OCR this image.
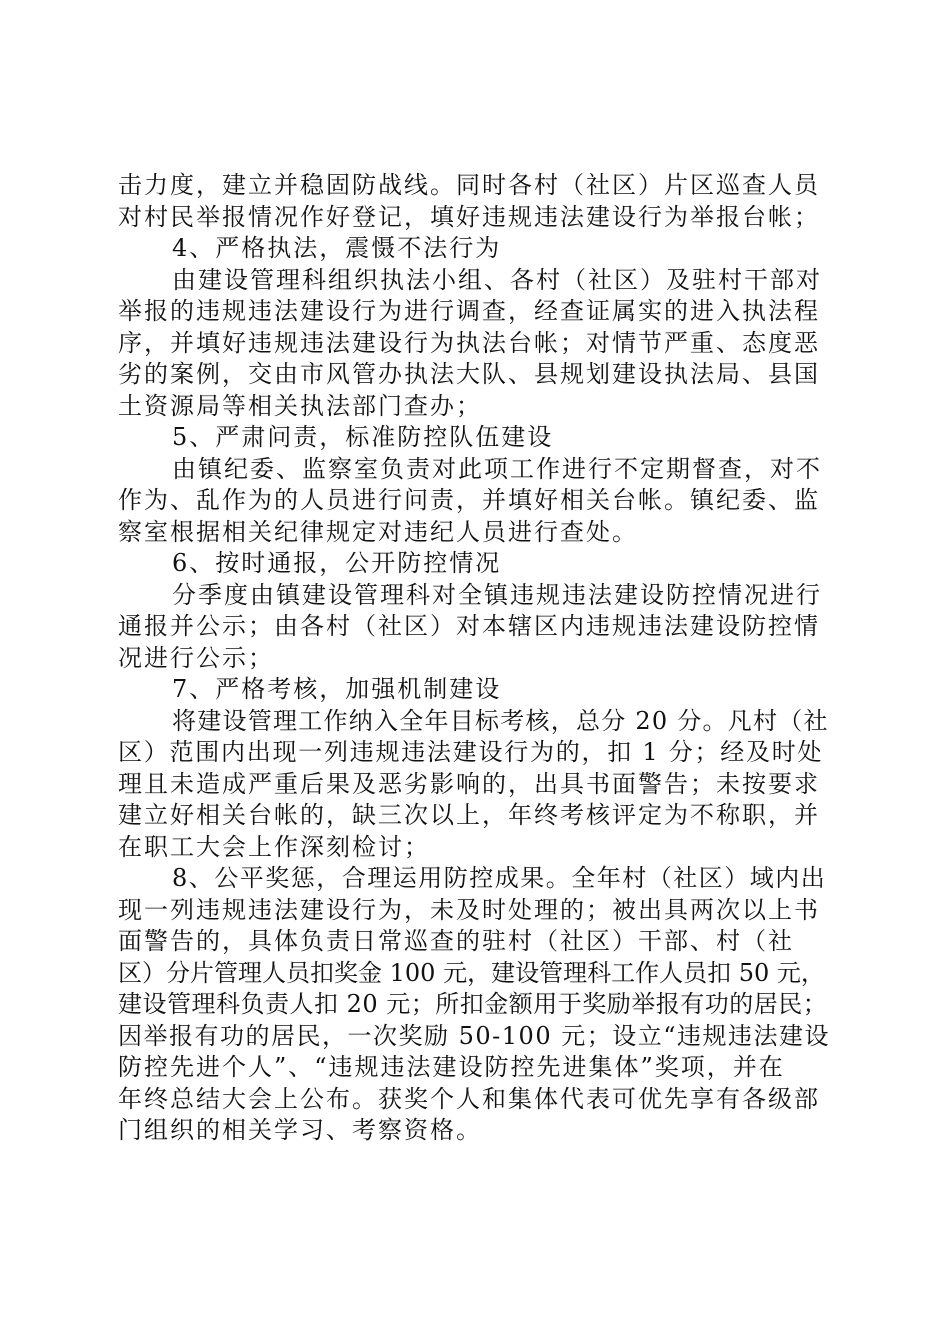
击力度，建立并稳固防战线。同时各村（社区）片区巡查人员
对村民举报情况作好登记，填好违规违法建设行为举报台帐；
4、严格执法，震慑不法行为
由建设管理科组织执法小组、各村（社区）及驻村干部对
举报的违规违法建设行为进行调查，经查证属实的进入执法程
序，并填好违规违法建设行为执法台帐；对情节严重、态度恶
劣的案例，交由市风管办执法大队、县规划建设执法局、县国
土资源局等相关执法部门查办；
5、严肃问责，标准防控队伍建设
由镇纪委、监察室负责对此项工作进行不定期督查，对不
作为、乱作为的人员进行问责，并填好相关台帐。镇纪委、监
察室根据相关纪律规定对违纪人员进行查处。
6、按时通报，公开防控情况
分季度由镇建设管理科对全镇违规违法建设防控情况进行
通报并公示；由各村（社区）对本辖区内违规违法建设防控情
况进行公示；
7、严格考核，加强机制建设
将建设管理工作纳入全年目标考核，总分 20 分。凡村（社
区）范围内出现一列违规违法建设行为的，扣 1 分；经及时处
理且未造成严重后果及恶劣影响的，出具书面警告；未按要求
建立好相关台帐的，缺三次以上，年终考核评定为不称职，并
在职工大会上作深刻检讨；
8、公平奖惩，合理运用防控成果。全年村（社区）域内出
现一列违规违法建设行为，未及时处理的；被出具两次以上书
面警告的，具体负责日常巡查的驻村（社区）干部、村（社
区）分片管理人员扣奖金 100 元，建设管理科工作人员扣 50 元，
建设管理科负责人扣 20 元；所扣金额用于奖励举报有功的居民；
因举报有功的居民，一次奖励 50-100 元；设立“违规违法建设
防控先进个人”、“违规违法建设防控先进集体”奖项，并在
年终总结大会上公布。获奖个人和集体代表可优先享有各级部
门组织的相关学习、考察资格。
